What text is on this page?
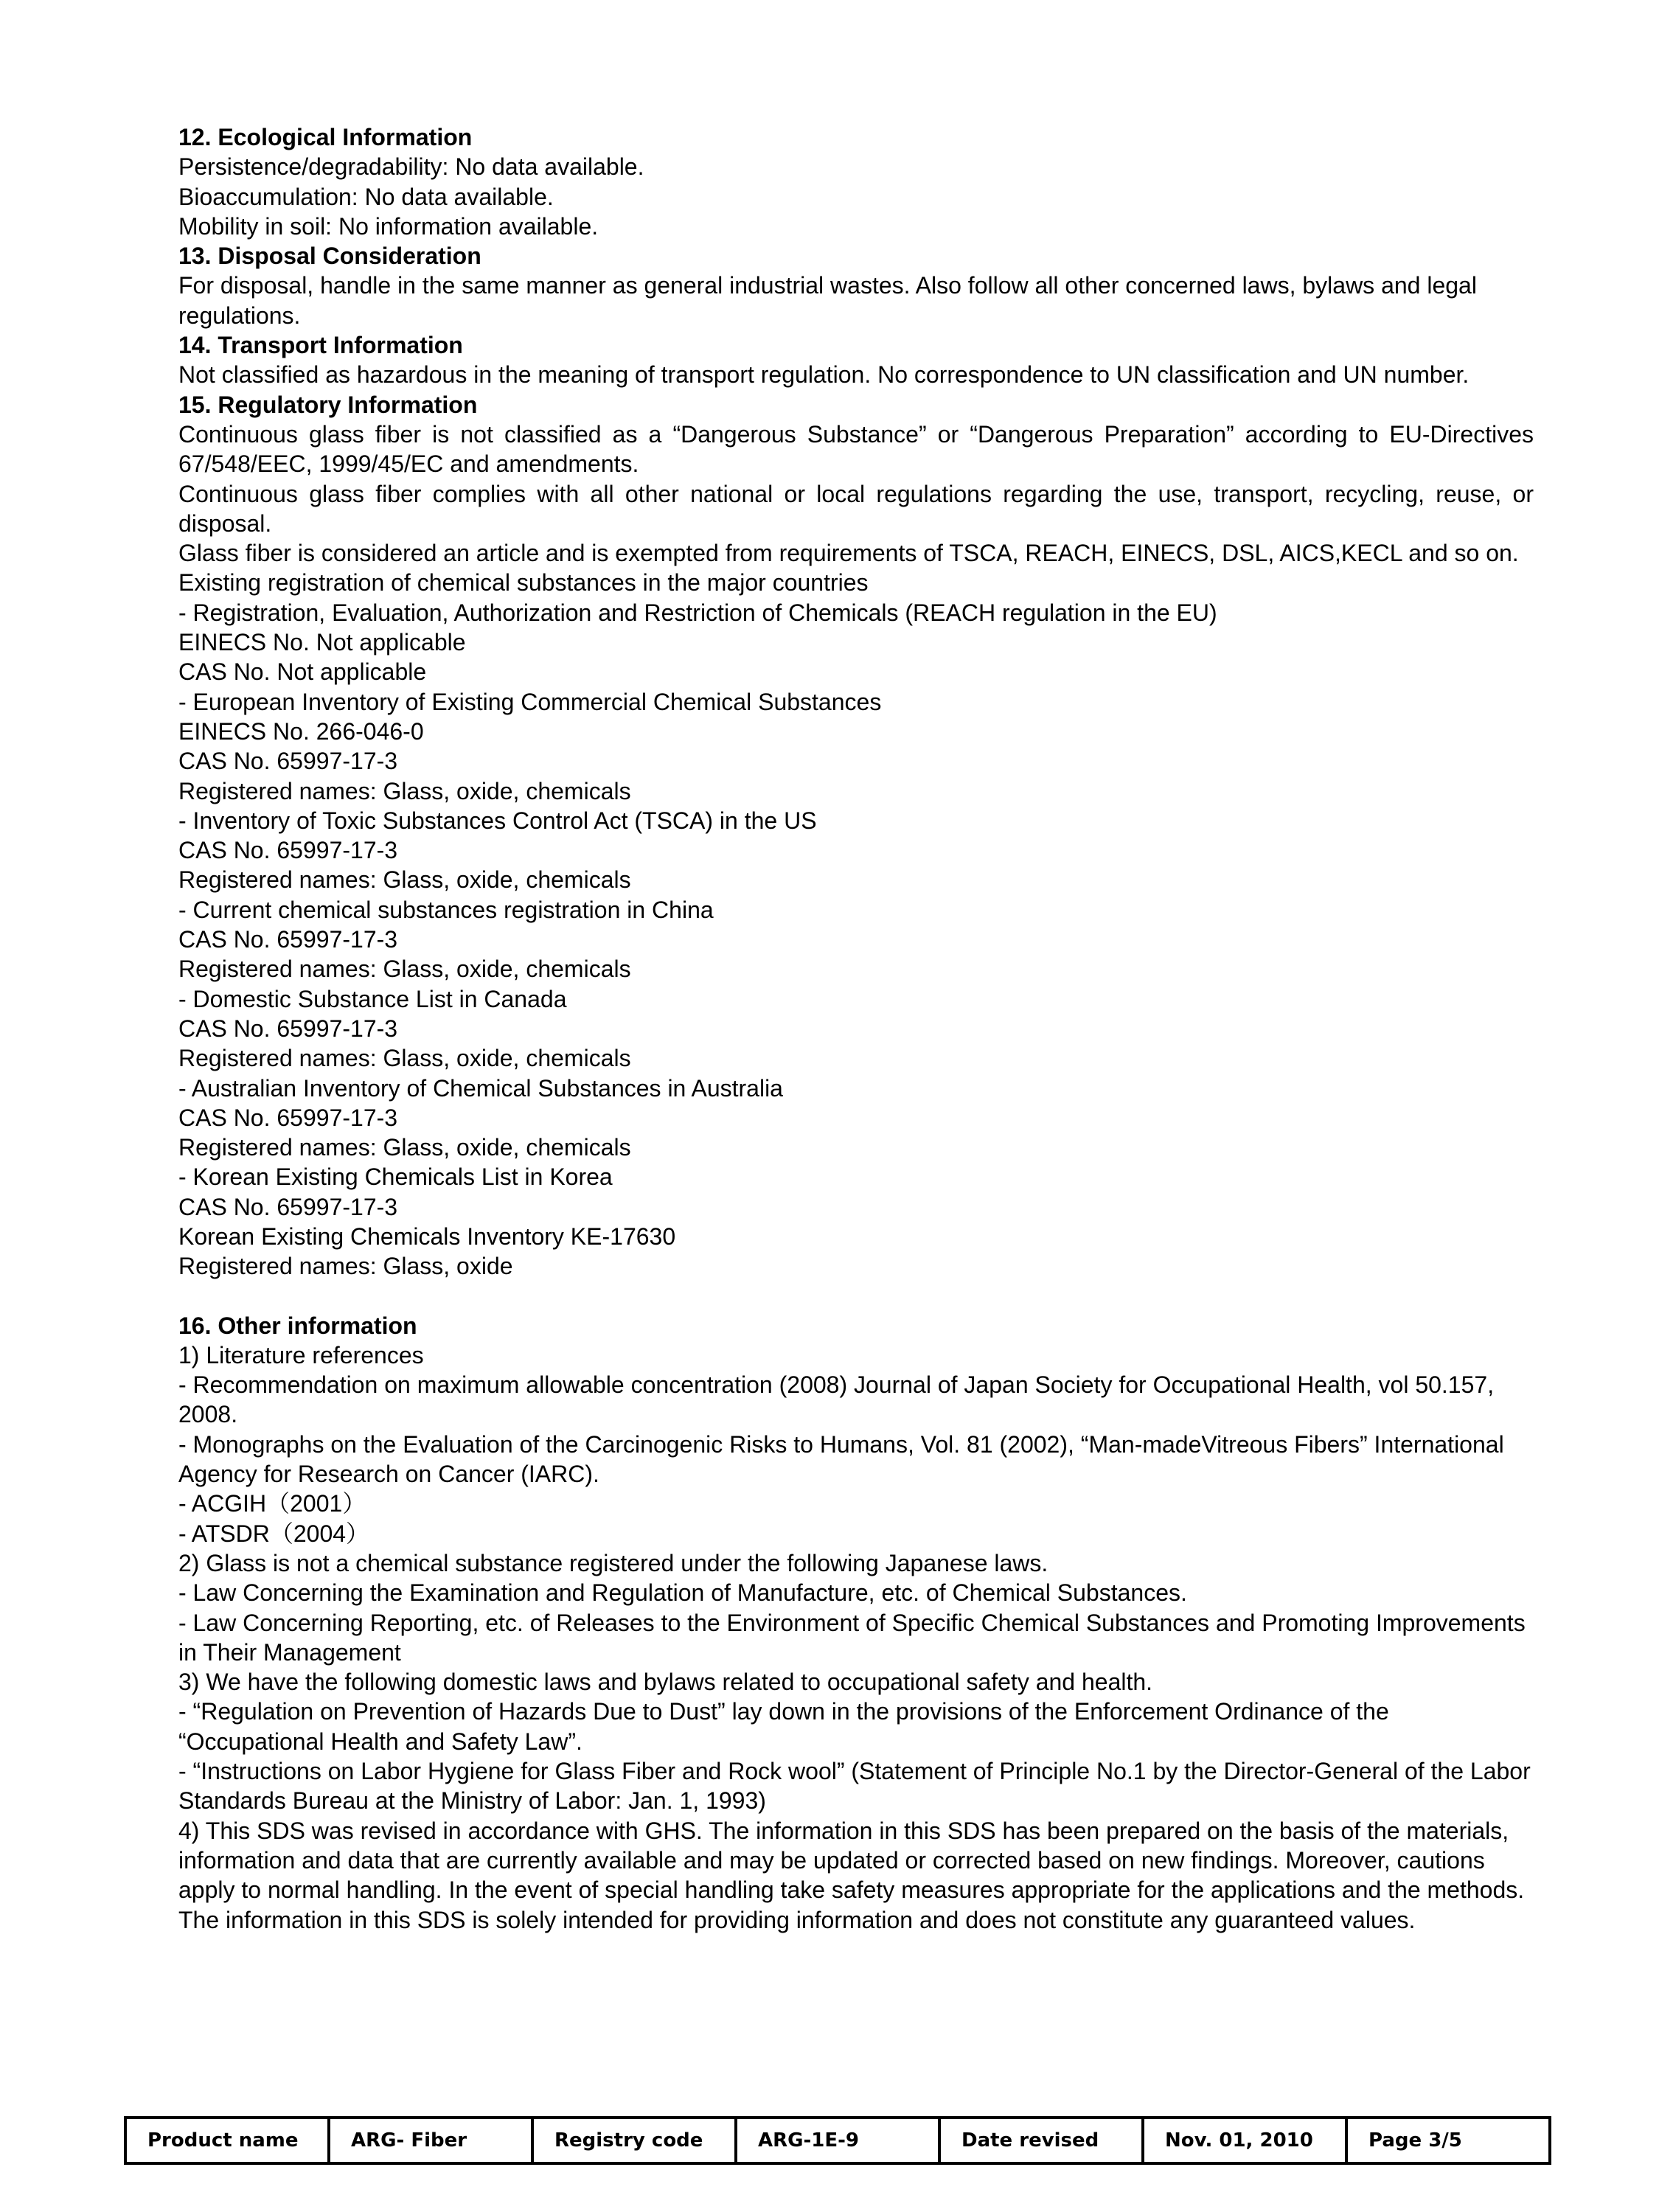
12. Ecological Information

Persistence/degradability: No data available.

Bioaccumulation: No data available.

Mobility in soil: No information available.

13. Disposal Consideration

For disposal, handle in the same manner as general industrial wastes. Also follow all other concerned laws, bylaws and legal regulations.

14. Transport Information

Not classified as hazardous in the meaning of transport regulation. No correspondence to UN classification and UN number.

15. Regulatory Information

Continuous glass fiber is not classified as a “Dangerous Substance” or “Dangerous Preparation” according to EU-Directives 67/548/EEC, 1999/45/EC and amendments.

Continuous glass fiber complies with all other national or local regulations regarding the use, transport, recycling, reuse, or disposal.

Glass fiber is considered an article and is exempted from requirements of TSCA, REACH, EINECS, DSL, AICS,KECL and so on.

Existing registration of chemical substances in the major countries

- Registration, Evaluation, Authorization and Restriction of Chemicals (REACH regulation in the EU)

EINECS No. Not applicable

CAS No. Not applicable

- European Inventory of Existing Commercial Chemical Substances

EINECS No. 266-046-0

CAS No. 65997-17-3

Registered names: Glass, oxide, chemicals

- Inventory of Toxic Substances Control Act (TSCA) in the US

CAS No. 65997-17-3

Registered names: Glass, oxide, chemicals

- Current chemical substances registration in China

CAS No. 65997-17-3

Registered names: Glass, oxide, chemicals

- Domestic Substance List in Canada

CAS No. 65997-17-3

Registered names: Glass, oxide, chemicals

- Australian Inventory of Chemical Substances in Australia

CAS No. 65997-17-3

Registered names: Glass, oxide, chemicals

- Korean Existing Chemicals List in Korea

CAS No. 65997-17-3

Korean Existing Chemicals Inventory KE-17630

Registered names: Glass, oxide

16. Other information

1) Literature references

- Recommendation on maximum allowable concentration (2008) Journal of Japan Society for Occupational Health, vol 50.157, 2008.

- Monographs on the Evaluation of the Carcinogenic Risks to Humans, Vol. 81 (2002), “Man-madeVitreous Fibers” International Agency for Research on Cancer (IARC).

- ACGIH（2001）

- ATSDR（2004）

2) Glass is not a chemical substance registered under the following Japanese laws.

- Law Concerning the Examination and Regulation of Manufacture, etc. of Chemical Substances.

- Law Concerning Reporting, etc. of Releases to the Environment of Specific Chemical Substances and Promoting Improvements in Their Management

3) We have the following domestic laws and bylaws related to occupational safety and health.

- “Regulation on Prevention of Hazards Due to Dust” lay down in the provisions of the Enforcement Ordinance of the “Occupational Health and Safety Law”.

- “Instructions on Labor Hygiene for Glass Fiber and Rock wool” (Statement of Principle No.1 by the Director-General of the Labor Standards Bureau at the Ministry of Labor: Jan. 1, 1993)

4) This SDS was revised in accordance with GHS. The information in this SDS has been prepared on the basis of the materials, information and data that are currently available and may be updated or corrected based on new findings. Moreover, cautions apply to normal handling. In the event of special handling take safety measures appropriate for the applications and the methods. The information in this SDS is solely intended for providing information and does not constitute any guaranteed values.

Product name	ARG- Fiber	Registry code	ARG-1E-9	Date revised	Nov. 01, 2010	Page 3/5
